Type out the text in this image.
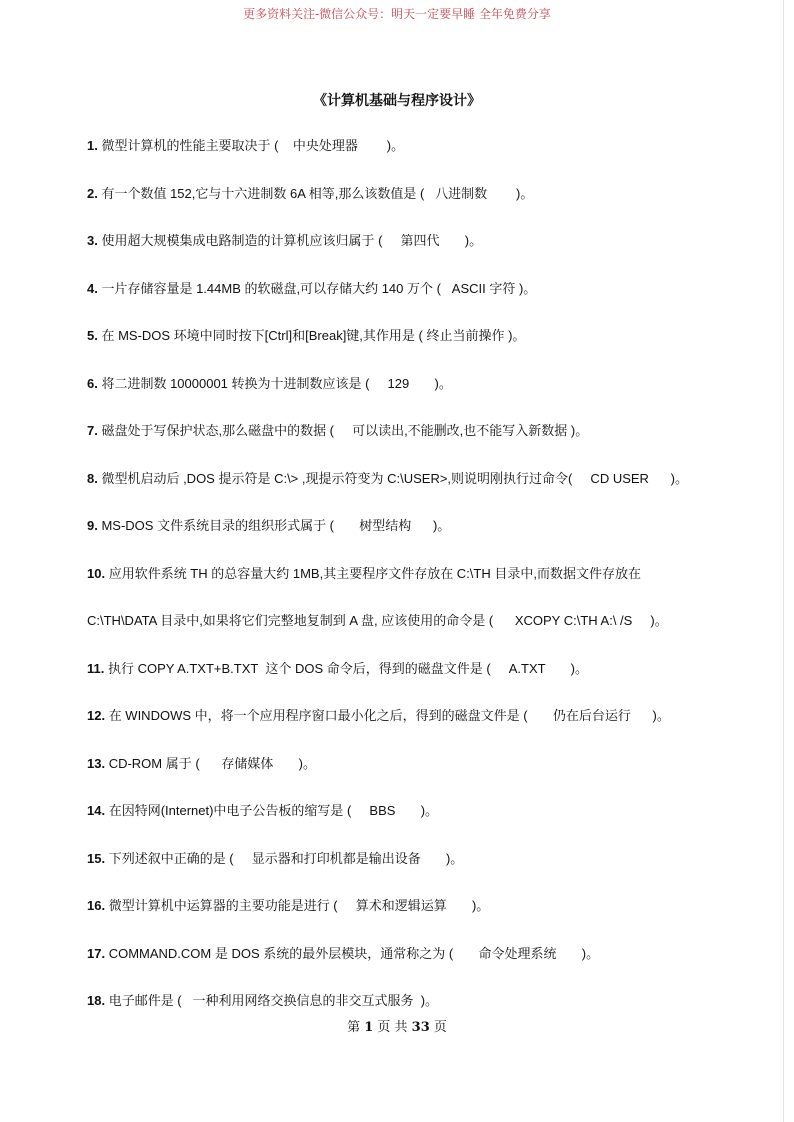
更多资料关注-微信公众号：明天一定要早睡 全年免费分享
《计算机基础与程序设计》
1. 微型计算机的性能主要取决于 (    中央处理器        )。
2. 有一个数值 152,它与十六进制数 6A 相等,那么该数值是 (   八进制数        )。
3. 使用超大规模集成电路制造的计算机应该归属于 (     第四代       )。
4. 一片存储容量是 1.44MB 的软磁盘,可以存储大约 140 万个 (   ASCII 字符 )。
5. 在 MS-DOS 环境中同时按下[Ctrl]和[Break]键,其作用是 ( 终止当前操作 )。
6. 将二进制数 10000001 转换为十进制数应该是 (     129       )。
7. 磁盘处于写保护状态,那么磁盘中的数据 (     可以读出,不能删改,也不能写入新数据 )。
8. 微型机启动后 ,DOS 提示符是 C:\> ,现提示符变为 C:\USER>,则说明刚执行过命令(     CD USER      )。
9. MS-DOS 文件系统目录的组织形式属于 (       树型结构      )。
10. 应用软件系统 TH 的总容量大约 1MB,其主要程序文件存放在 C:\TH 目录中,而数据文件存放在
C:\TH\DATA 目录中,如果将它们完整地复制到 A 盘, 应该使用的命令是 (      XCOPY C:\TH A:\ /S     )。
11. 执行 COPY A.TXT+B.TXT  这个 DOS 命令后，得到的磁盘文件是 (     A.TXT       )。
12. 在 WINDOWS 中，将一个应用程序窗口最小化之后，得到的磁盘文件是 (       仍在后台运行      )。
13. CD-ROM 属于 (      存储媒体       )。
14. 在因特网(Internet)中电子公告板的缩写是 (     BBS       )。
15. 下列述叙中正确的是 (     显示器和打印机都是输出设备       )。
16. 微型计算机中运算器的主要功能是进行 (     算术和逻辑运算       )。
17. COMMAND.COM 是 DOS 系统的最外层模块，通常称之为 (       命令处理系统       )。
18. 电子邮件是 (   一种利用网络交换信息的非交互式服务  )。
第 1 页 共 33 页
